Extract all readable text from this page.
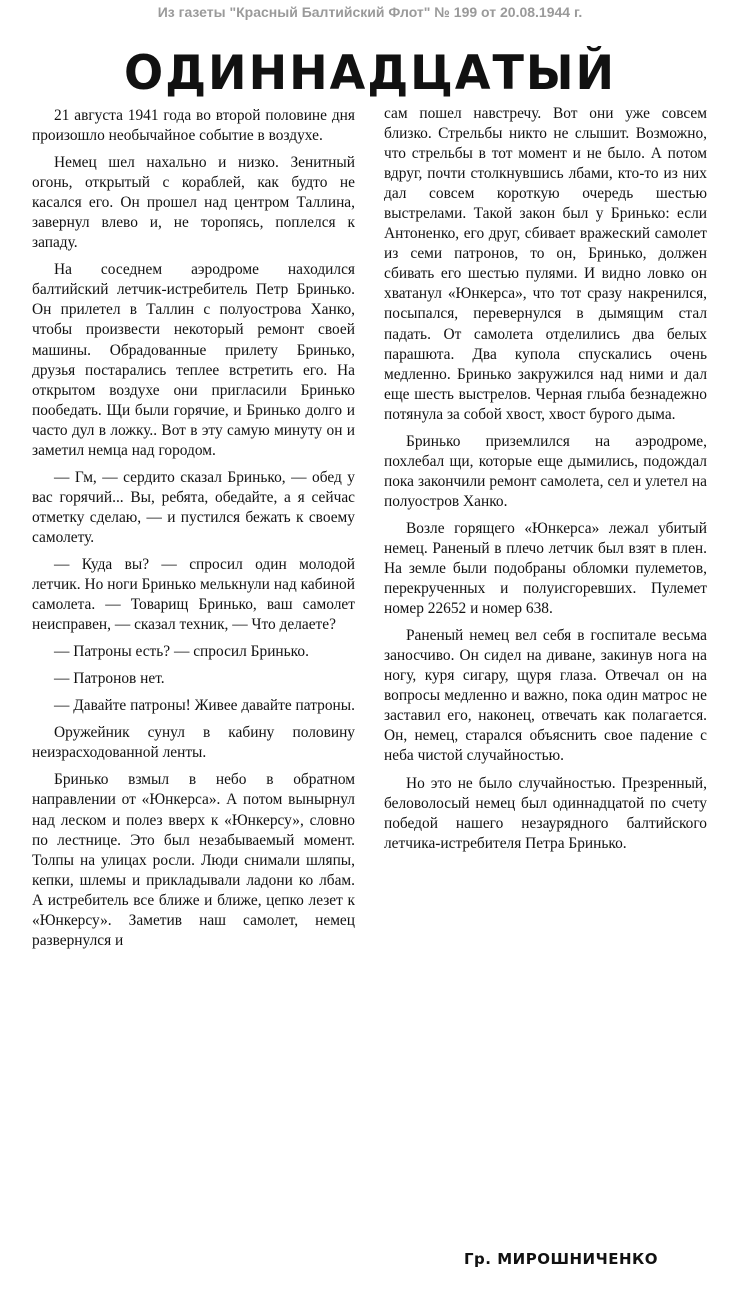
Из газеты "Красный Балтийский Флот" № 199 от 20.08.1944 г.
ОДИННАДЦАТЫЙ

21 августа 1941 года во второй половине дня произошло необычайное событие в воздухе.

Немец шел нахально и низко. Зенитный огонь, открытый с кораблей, как будто не касался его. Он прошел над центром Таллина, завернул влево и, не торопясь, поплелся к западу.

На соседнем аэродроме находился балтийский летчик-истребитель Петр Бринько. Он прилетел в Таллин с полуострова Ханко, чтобы произвести некоторый ремонт своей машины. Обрадованные прилету Бринько, друзья постарались теплее встретить его. На открытом воздухе они пригласили Бринько пообедать. Щи были горячие, и Бринько долго и часто дул в ложку.. Вот в эту самую минуту он и заметил немца над городом.

— Гм, — сердито сказал Бринько, — обед у вас горячий... Вы, ребята, обедайте, а я сейчас отметку сделаю, — и пустился бежать к своему самолету.

— Куда вы? — спросил один молодой летчик. Но ноги Бринько мелькнули над кабиной самолета. — Товарищ Бринько, ваш самолет неисправен, — сказал техник, — Что делаете?

— Патроны есть? — спросил Бринько.

— Патронов нет.

— Давайте патроны! Живее давайте патроны.

Оружейник сунул в кабину половину неизрасходованной ленты.

Бринько взмыл в небо в обратном направлении от «Юнкерса». А потом вынырнул над леском и полез вверх к «Юнкерсу», словно по лестнице. Это был незабываемый момент. Толпы на улицах росли. Люди снимали шляпы, кепки, шлемы и прикладывали ладони ко лбам. А истребитель все ближе и ближе, цепко лезет к «Юнкерсу». Заметив наш самолет, немец развернулся и

сам пошел навстречу. Вот они уже совсем близко. Стрельбы никто не слышит. Возможно, что стрельбы в тот момент и не было. А потом вдруг, почти столкнувшись лбами, кто-то из них дал совсем короткую очередь шестью выстрелами. Такой закон был у Бринько: если Антоненко, его друг, сбивает вражеский самолет из семи патронов, то он, Бринько, должен сбивать его шестью пулями. И видно ловко он хватанул «Юнкерса», что тот сразу накренился, посыпался, перевернулся в дымящим стал падать. От самолета отделились два белых парашюта. Два купола спускались очень медленно. Бринько закружился над ними и дал еще шесть выстрелов. Черная глыба безнадежно потянула за собой хвост, хвост бурого дыма.

Бринько приземлился на аэродроме, похлебал щи, которые еще дымились, подождал пока закончили ремонт самолета, сел и улетел на полуостров Ханко.

Возле горящего «Юнкерса» лежал убитый немец. Раненый в плечо летчик был взят в плен. На земле были подобраны обломки пулеметов, перекрученных и полуисгоревших. Пулемет номер 22652 и номер 638.

Раненый немец вел себя в госпитале весьма заносчиво. Он сидел на диване, закинув нога на ногу, куря сигару, щуря глаза. Отвечал он на вопросы медленно и важно, пока один матрос не заставил его, наконец, отвечать как полагается. Он, немец, старался объяснить свое падение с неба чистой случайностью.

Но это не было случайностью. Презренный, беловолосый немец был одиннадцатой по счету победой нашего незаурядного балтийского летчика-истребителя Петра Бринько.

Гр. МИРОШНИЧЕНКО
